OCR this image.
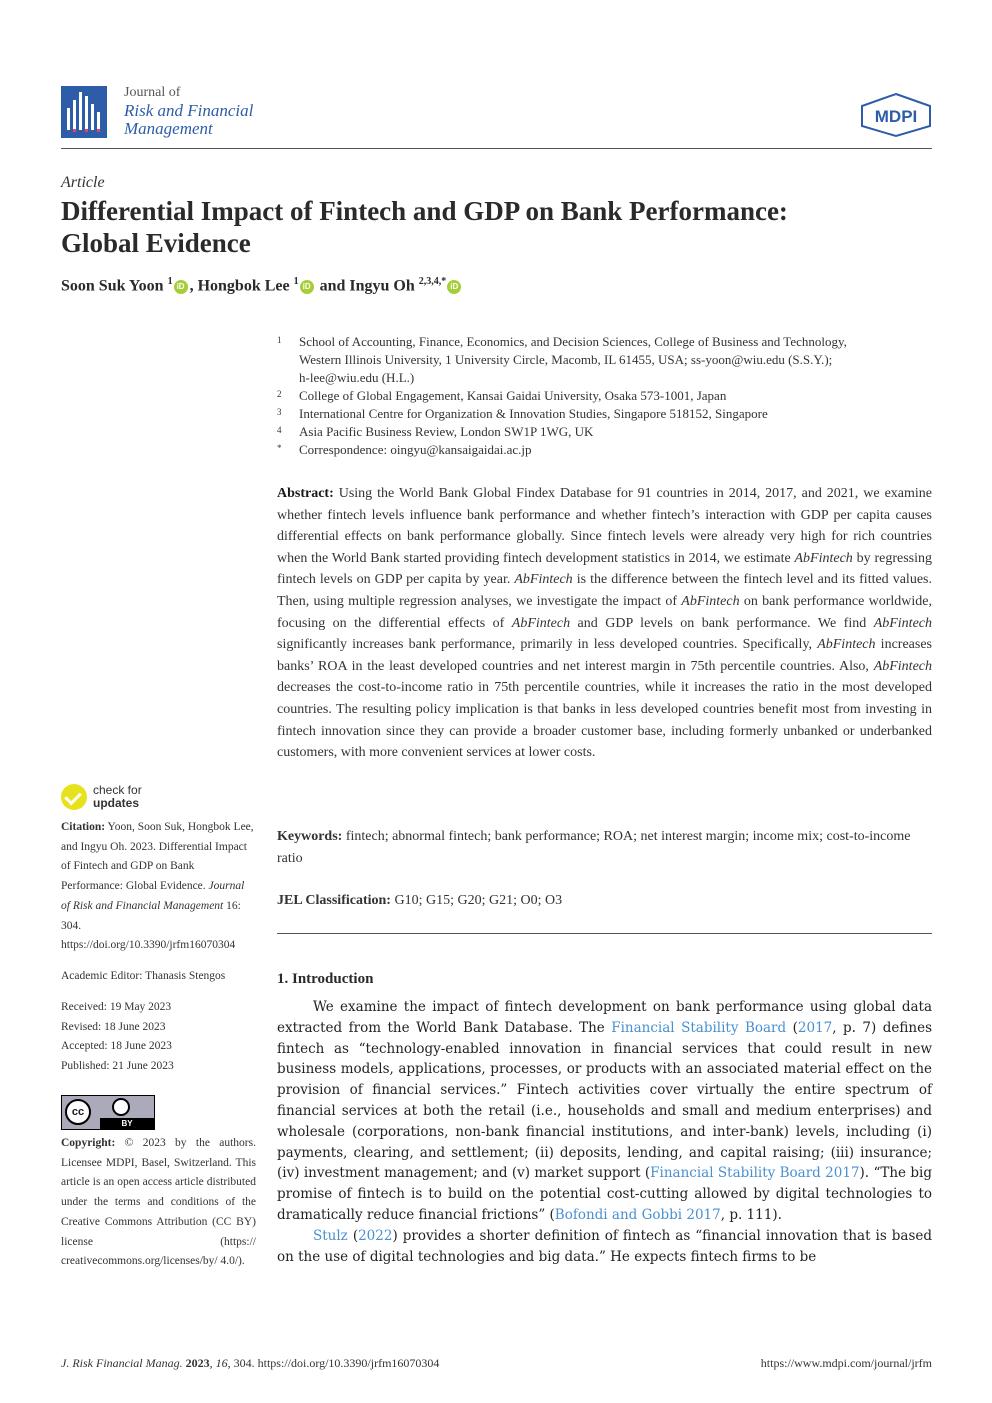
Journal of
Risk and Financial
Management
MDPI
Article
Differential Impact of Fintech and GDP on Bank Performance:
Global Evidence
Soon Suk Yoon $^1$ iD , Hongbok Lee $^1$ iD and Ingyu Oh $^{2,3,4,*}$ iD
1 School of Accounting, Finance, Economics, and Decision Sciences, College of Business and Technology,
Western Illinois University, 1 University Circle, Macomb, IL 61455, USA; ss-yoon@wiu.edu (S.S.Y.);
h-lee@wiu.edu (H.L.)
2 College of Global Engagement, Kansai Gaidai University, Osaka 573-1001, Japan
3 International Centre for Organization & Innovation Studies, Singapore 518152, Singapore
4 Asia Pacific Business Review, London SW1P 1WG, UK
* Correspondence: oingyu@kansaigaidai.ac.jp
Abstract: Using the World Bank Global Findex Database for 91 countries in 2014, 2017, and 2021, we examine whether fintech levels influence bank performance and whether fintech’s interaction with GDP per capita causes differential effects on bank performance globally. Since fintech levels were already very high for rich countries when the World Bank started providing fintech development statistics in 2014, we estimate AbFintech by regressing fintech levels on GDP per capita by year. AbFintech is the difference between the fintech level and its fitted values. Then, using multiple regression analyses, we investigate the impact of AbFintech on bank performance worldwide, focusing on the differential effects of AbFintech and GDP levels on bank performance. We find AbFintech significantly increases bank performance, primarily in less developed countries. Specifically, AbFintech increases banks’ ROA in the least developed countries and net interest margin in 75th percentile countries. Also, AbFintech decreases the cost-to-income ratio in 75th percentile countries, while it increases the ratio in the most developed countries. The resulting policy implication is that banks in less developed countries benefit most from investing in fintech innovation since they can provide a broader customer base, including formerly unbanked or underbanked customers, with more convenient services at lower costs.
Keywords: fintech; abnormal fintech; bank performance; ROA; net interest margin; income mix; cost-to-income ratio
JEL Classification: G10; G15; G20; G21; O0; O3
check for
updates
Citation: Yoon, Soon Suk, Hongbok Lee, and Ingyu Oh. 2023. Differential Impact of Fintech and GDP on Bank Performance: Global Evidence. Journal of Risk and Financial Management 16: 304. https://doi.org/10.3390/jrfm16070304
Academic Editor: Thanasis Stengos
Received: 19 May 2023
Revised: 18 June 2023
Accepted: 18 June 2023
Published: 21 June 2023
cc
BY
Copyright: © 2023 by the authors. Licensee MDPI, Basel, Switzerland. This article is an open access article distributed under the terms and conditions of the Creative Commons Attribution (CC BY) license (https:// creativecommons.org/licenses/by/ 4.0/).
1. Introduction

We examine the impact of fintech development on bank performance using global data extracted from the World Bank Database. The Financial Stability Board (2017, p. 7) defines fintech as “technology-enabled innovation in financial services that could result in new business models, applications, processes, or products with an associated material effect on the provision of financial services.” Fintech activities cover virtually the entire spectrum of financial services at both the retail (i.e., households and small and medium enterprises) and wholesale (corporations, non-bank financial institutions, and inter-bank) levels, including (i) payments, clearing, and settlement; (ii) deposits, lending, and capital raising; (iii) insurance; (iv) investment management; and (v) market support (Financial Stability Board 2017). “The big promise of fintech is to build on the potential cost-cutting allowed by digital technologies to dramatically reduce financial frictions” (Bofondi and Gobbi 2017, p. 111).

Stulz (2022) provides a shorter definition of fintech as “financial innovation that is based on the use of digital technologies and big data.” He expects fintech firms to be

J. Risk Financial Manag. 2023, 16, 304. https://doi.org/10.3390/jrfm16070304	https://www.mdpi.com/journal/jrfm
